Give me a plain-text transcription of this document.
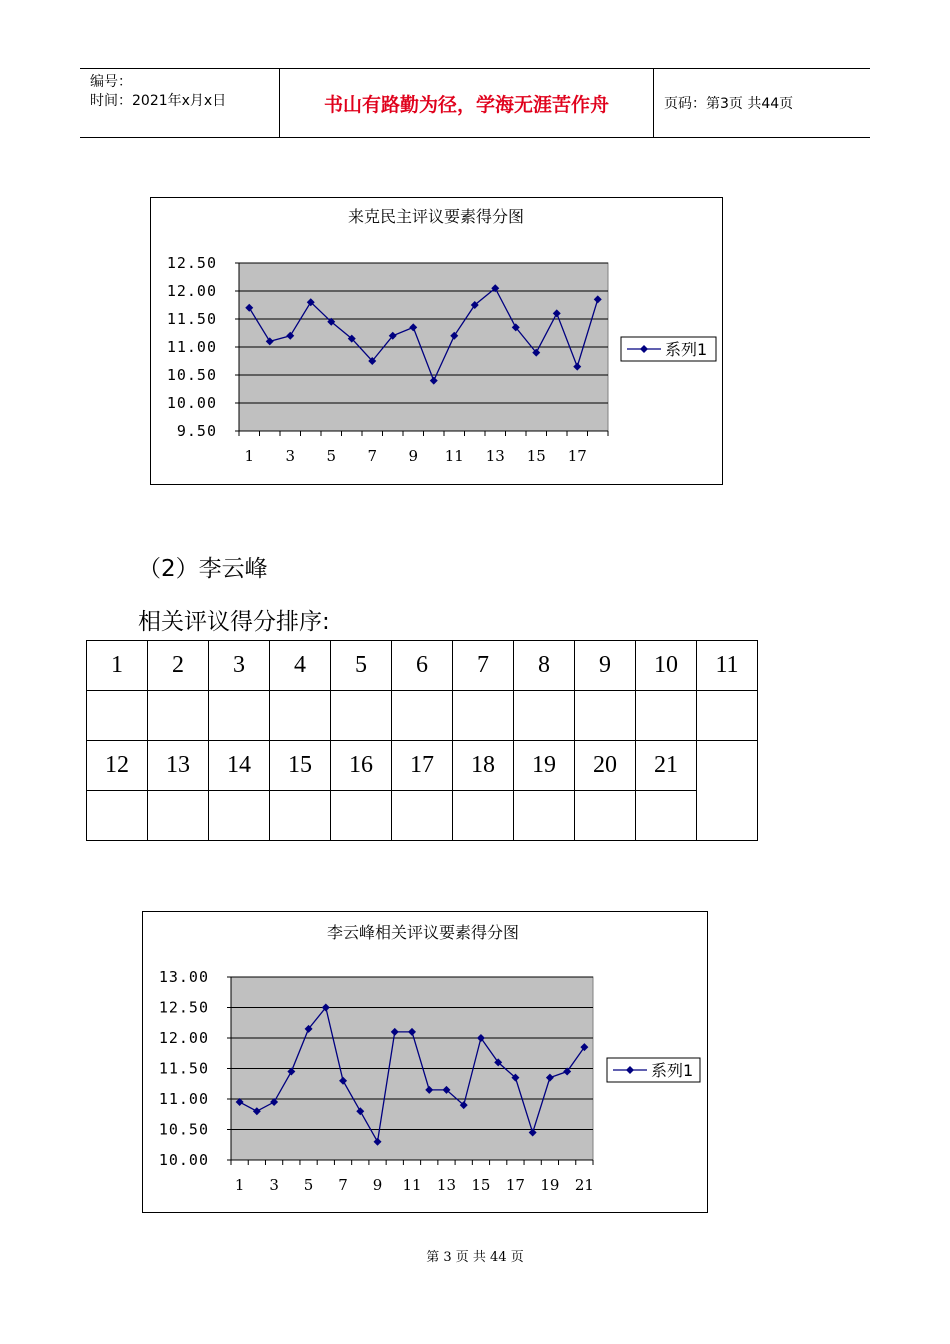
编号：
时间：2021年x月x日	书山有路勤为径，学海无涯苦作舟	页码：第3页 共44页
来克民主评议要素得分图
9.50
10.00
10.50
11.00
11.50
12.00
12.50
1 3 5 7 9 11 13 15 17
系列1
（2）李云峰
相关评议得分排序:
1	2	3	4	5	6	7	8	9	10	11

12	13	14	15	16	17	18	19	20	21	

李云峰相关评议要素得分图
10.00
10.50
11.00
11.50
12.00
12.50
13.00
1 3 5 7 9 11 13 15 17 19 21
系列1
第 3 页 共 44 页
